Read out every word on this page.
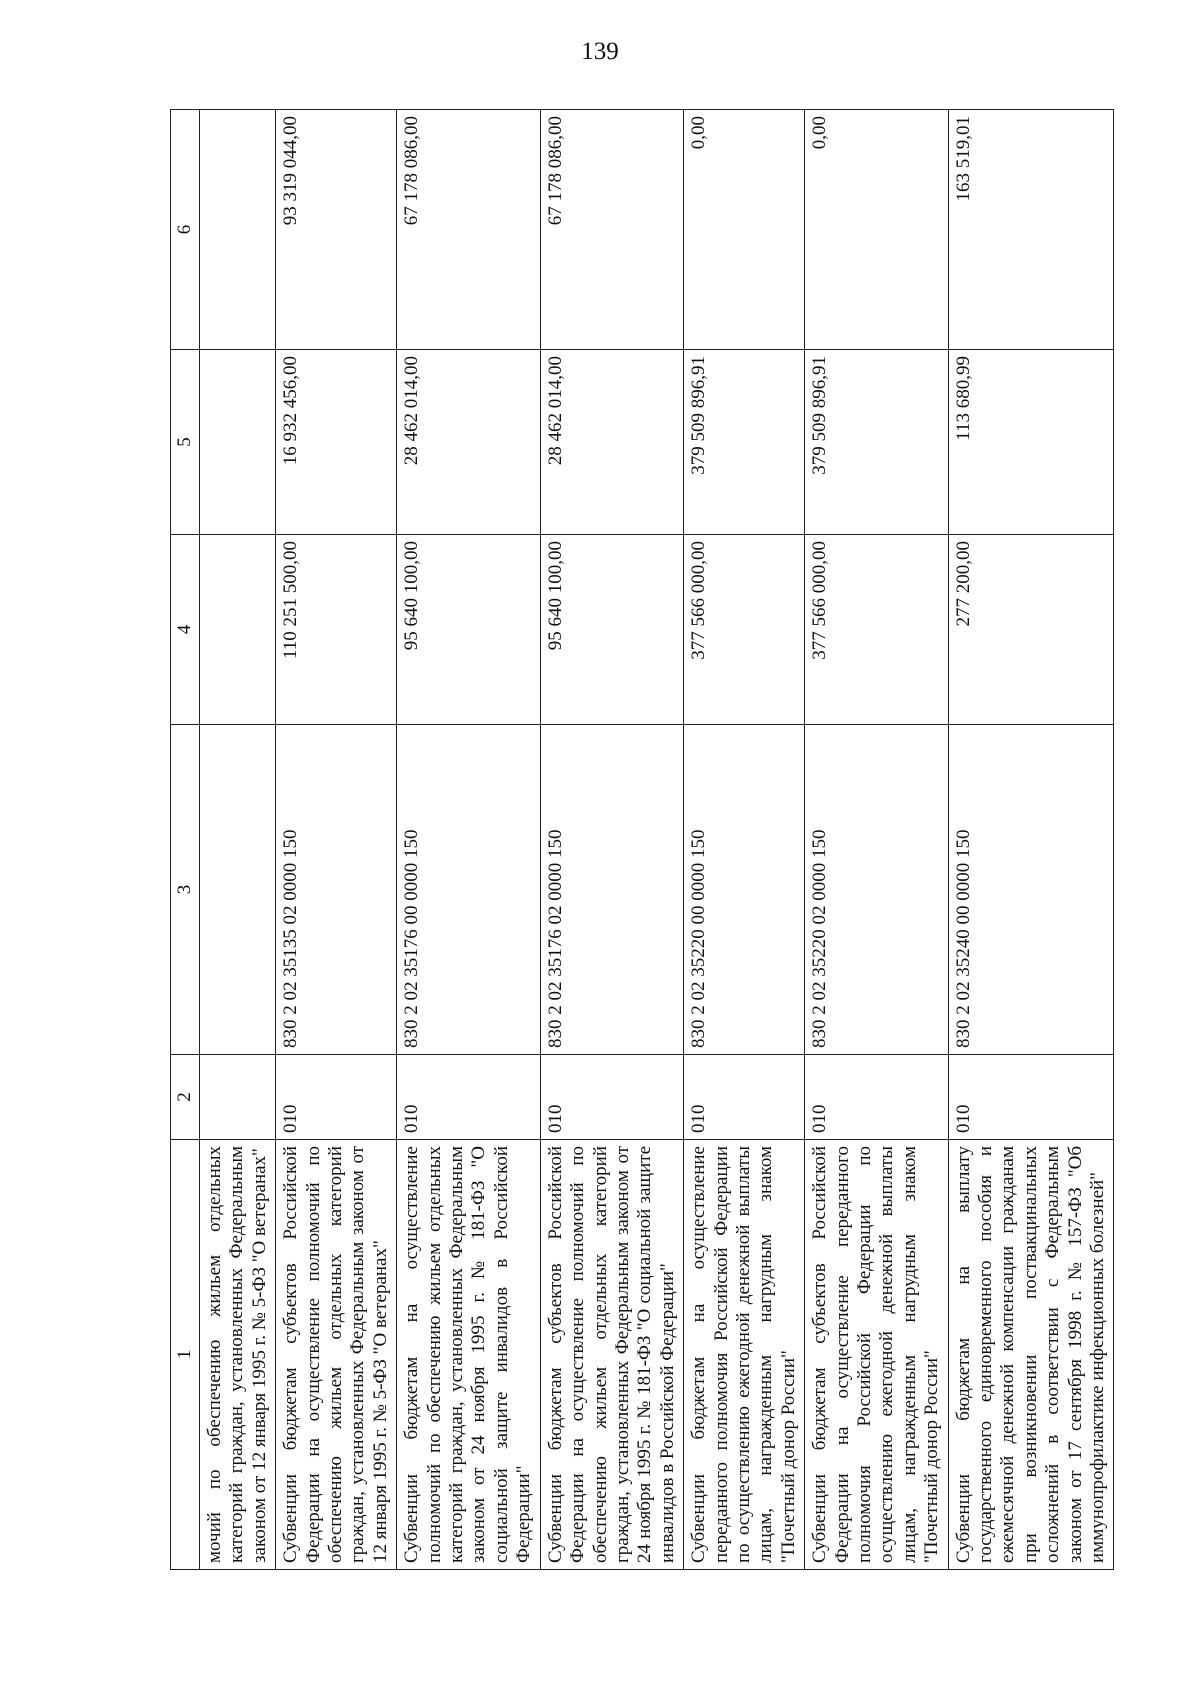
139
1	2	3	4	5	6
мочий по обеспечению жильем отдельных категорий граждан, установленных Федеральным законом от 12 января 1995 г. № 5-ФЗ "О ветеранах"					
Субвенции бюджетам субъектов Российской Федерации на осуществление полномочий по обеспечению жильем отдельных категорий граждан, установленных Федеральным законом от 12 января 1995 г. № 5-ФЗ "О ветеранах"	010	830 2 02 35135 02 0000 150	110 251 500,00	16 932 456,00	93 319 044,00
Субвенции бюджетам на осуществление полномочий по обеспечению жильем отдельных категорий граждан, установленных Федеральным законом от 24 ноября 1995 г. № 181-ФЗ "О социальной защите инвалидов в Российской Федерации"	010	830 2 02 35176 00 0000 150	95 640 100,00	28 462 014,00	67 178 086,00
Субвенции бюджетам субъектов Российской Федерации на осуществление полномочий по обеспечению жильем отдельных категорий граждан, установленных Федеральным законом от 24 ноября 1995 г. № 181-ФЗ "О социальной защите инвалидов в Российской Федерации"	010	830 2 02 35176 02 0000 150	95 640 100,00	28 462 014,00	67 178 086,00
Субвенции бюджетам на осуществление переданного полномочия Российской Федерации по осуществлению ежегодной денежной выплаты лицам, награжденным нагрудным знаком "Почетный донор России"	010	830 2 02 35220 00 0000 150	377 566 000,00	379 509 896,91	0,00
Субвенции бюджетам субъектов Российской Федерации на осуществление переданного полномочия Российской Федерации по осуществлению ежегодной денежной выплаты лицам, награжденным нагрудным знаком "Почетный донор России"	010	830 2 02 35220 02 0000 150	377 566 000,00	379 509 896,91	0,00
Субвенции бюджетам на выплату государственного единовременного пособия и ежемесячной денежной компенсации гражданам при возникновении поствакцинальных осложнений в соответствии с Федеральным законом от 17 сентября 1998 г. № 157-ФЗ "Об иммунопрофилактике инфекционных болезней"	010	830 2 02 35240 00 0000 150	277 200,00	113 680,99	163 519,01
